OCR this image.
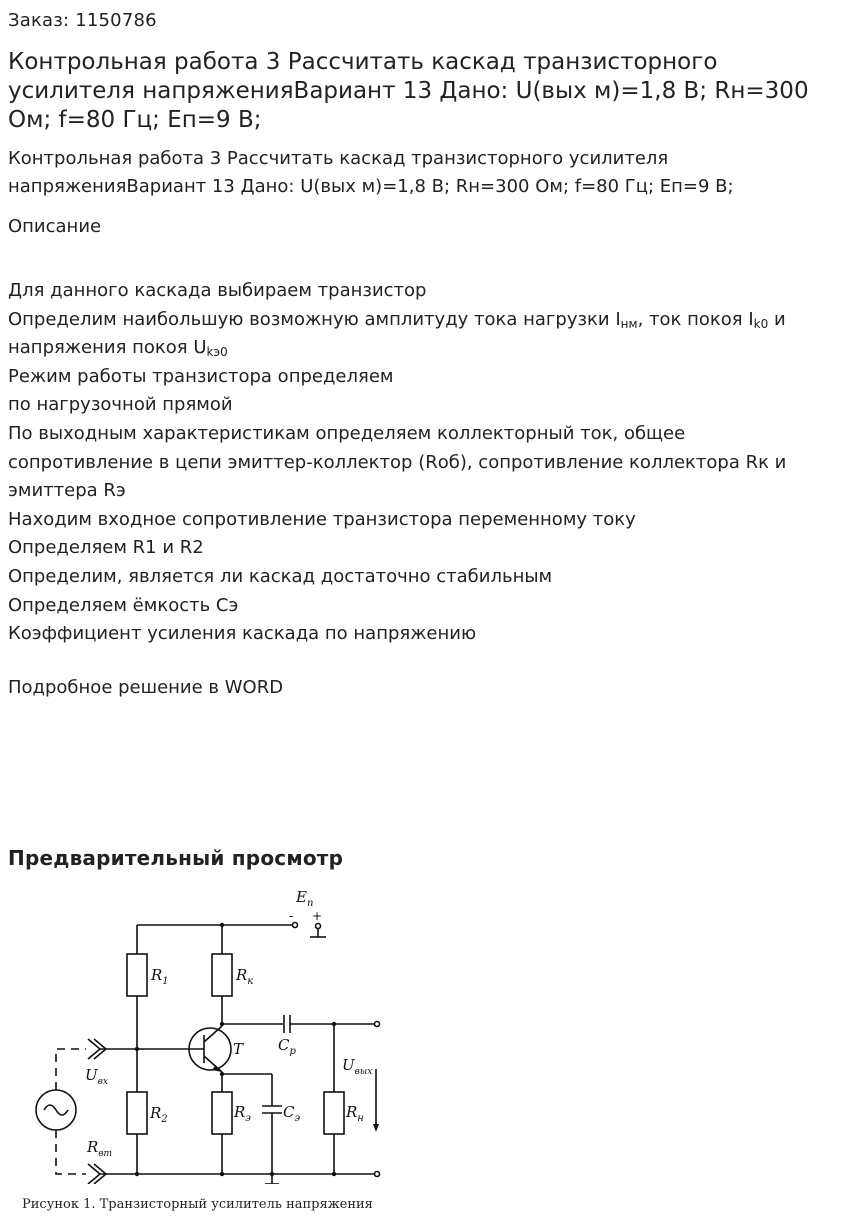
Заказ: 1150786
Контрольная работа 3 Рассчитать каскад транзисторного усилителя напряженияВариант 13 Дано: U(вых м)=1,8 В; Rн=300 Ом; f=80 Гц; Eп=9 В;
Контрольная работа 3 Рассчитать каскад транзисторного усилителя напряженияВариант 13 Дано: U(вых м)=1,8 В; Rн=300 Ом; f=80 Гц; Eп=9 В;
Описание
Для данного каскада выбираем транзистор
Определим наибольшую возможную амплитуду тока нагрузки $I_{нм}$, ток покоя $I_{k0}$ и
напряжения покоя $U_{kэ0}$
Режим работы транзистора определяем
по нагрузочной прямой
По выходным характеристикам определяем коллекторный ток, общее
сопротивление в цепи эмиттер-коллектор (Rоб), сопротивление коллектора Rк и
эмиттера Rэ
Находим входное сопротивление транзистора переменному току
Определяем R1 и R2
Определим, является ли каскад достаточно стабильным
Определяем ёмкость Cэ
Коэффициент усиления каскада по напряжению
Подробное решение в WORD
Предварительный просмотр
$E_п$
- +
$R_1$	$R_к$
T $C_р$
$U_{вых}$
$U_{вх}$
$R_2$	$R_э$ $C_э$	$R_н$
$R_{вт}$
Рисунок 1. Транзисторный усилитель напряжения
